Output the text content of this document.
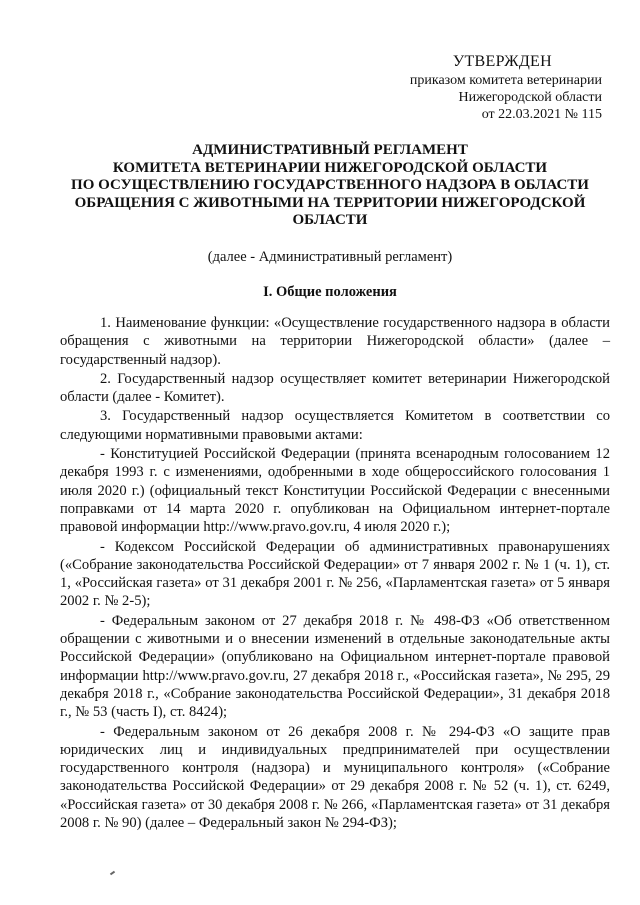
УТВЕРЖДЕН
приказом комитета ветеринарии
Нижегородской области
от 22.03.2021 № 115
АДМИНИСТРАТИВНЫЙ РЕГЛАМЕНТ
КОМИТЕТА ВЕТЕРИНАРИИ НИЖЕГОРОДСКОЙ ОБЛАСТИ
ПО ОСУЩЕСТВЛЕНИЮ ГОСУДАРСТВЕННОГО НАДЗОРА В ОБЛАСТИ
ОБРАЩЕНИЯ С ЖИВОТНЫМИ НА ТЕРРИТОРИИ НИЖЕГОРОДСКОЙ
ОБЛАСТИ
(далее - Административный регламент)
I. Общие положения

1. Наименование функции: «Осуществление государственного надзора в области обращения с животными на территории Нижегородской области» (далее – государственный надзор).

2. Государственный надзор осуществляет комитет ветеринарии Нижегородской области (далее - Комитет).

3. Государственный надзор осуществляется Комитетом в соответствии со следующими нормативными правовыми актами:

- Конституцией Российской Федерации (принята всенародным голосованием 12 декабря 1993 г. с изменениями, одобренными в ходе общероссийского голосования 1 июля 2020 г.) (официальный текст Конституции Российской Федерации с внесенными поправками от 14 марта 2020 г. опубликован на Официальном интернет-портале правовой информации http://www.pravo.gov.ru, 4 июля 2020 г.);

- Кодексом Российской Федерации об административных правонарушениях («Собрание законодательства Российской Федерации» от 7 января 2002 г. № 1 (ч. 1), ст. 1, «Российская газета» от 31 декабря 2001 г. № 256, «Парламентская газета» от 5 января 2002 г. № 2-5);

- Федеральным законом от 27 декабря 2018 г. № 498-ФЗ «Об ответственном обращении с животными и о внесении изменений в отдельные законодательные акты Российской Федерации» (опубликовано на Официальном интернет-портале правовой информации http://www.pravo.gov.ru, 27 декабря 2018 г., «Российская газета», № 295, 29 декабря 2018 г., «Собрание законодательства Российской Федерации», 31 декабря 2018 г., № 53 (часть I), ст. 8424);

- Федеральным законом от 26 декабря 2008 г. № 294-ФЗ «О защите прав юридических лиц и индивидуальных предпринимателей при осуществлении государственного контроля (надзора) и муниципального контроля» («Собрание законодательства Российской Федерации» от 29 декабря 2008 г. № 52 (ч. 1), ст. 6249, «Российская газета» от 30 декабря 2008 г. № 266, «Парламентская газета» от 31 декабря 2008 г. № 90) (далее – Федеральный закон № 294-ФЗ);
